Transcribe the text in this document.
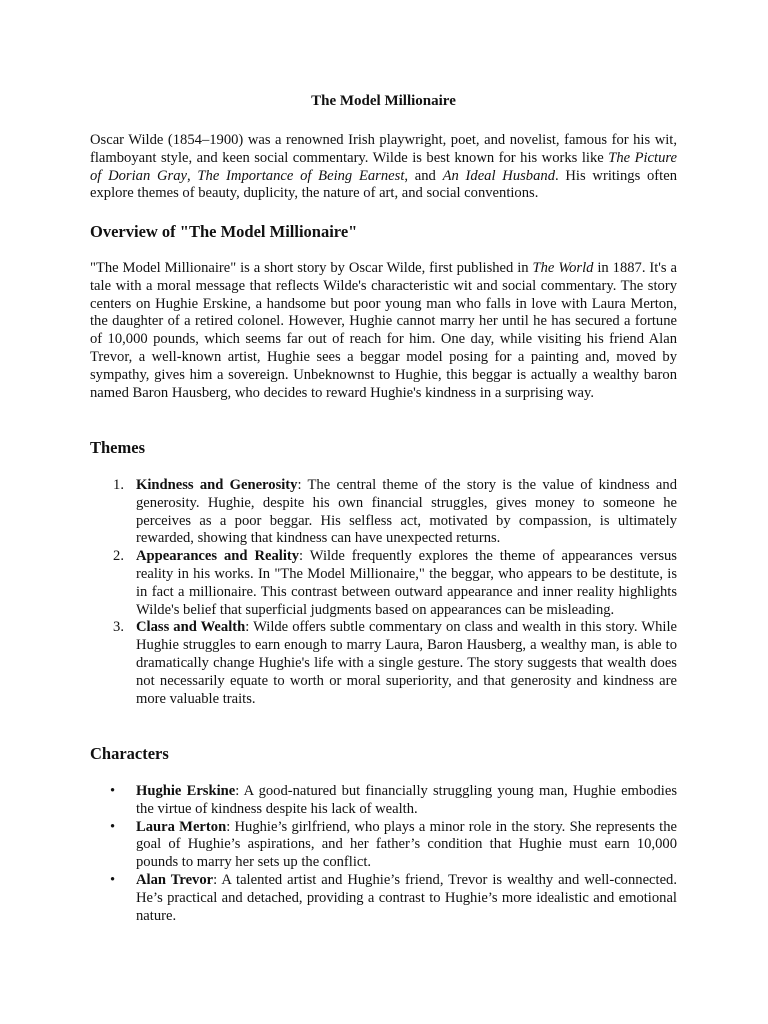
The Model Millionaire

Oscar Wilde (1854–1900) was a renowned Irish playwright, poet, and novelist, famous for his wit, flamboyant style, and keen social commentary. Wilde is best known for his works like The Picture of Dorian Gray, The Importance of Being Earnest, and An Ideal Husband. His writings often explore themes of beauty, duplicity, the nature of art, and social conventions.

Overview of "The Model Millionaire"

"The Model Millionaire" is a short story by Oscar Wilde, first published in The World in 1887. It's a tale with a moral message that reflects Wilde's characteristic wit and social commentary. The story centers on Hughie Erskine, a handsome but poor young man who falls in love with Laura Merton, the daughter of a retired colonel. However, Hughie cannot marry her until he has secured a fortune of 10,000 pounds, which seems far out of reach for him. One day, while visiting his friend Alan Trevor, a well-known artist, Hughie sees a beggar model posing for a painting and, moved by sympathy, gives him a sovereign. Unbeknownst to Hughie, this beggar is actually a wealthy baron named Baron Hausberg, who decides to reward Hughie's kindness in a surprising way.

Themes
1. Kindness and Generosity: The central theme of the story is the value of kindness and generosity. Hughie, despite his own financial struggles, gives money to someone he perceives as a poor beggar. His selfless act, motivated by compassion, is ultimately rewarded, showing that kindness can have unexpected returns.
2. Appearances and Reality: Wilde frequently explores the theme of appearances versus reality in his works. In "The Model Millionaire," the beggar, who appears to be destitute, is in fact a millionaire. This contrast between outward appearance and inner reality highlights Wilde's belief that superficial judgments based on appearances can be misleading.
3. Class and Wealth: Wilde offers subtle commentary on class and wealth in this story. While Hughie struggles to earn enough to marry Laura, Baron Hausberg, a wealthy man, is able to dramatically change Hughie's life with a single gesture. The story suggests that wealth does not necessarily equate to worth or moral superiority, and that generosity and kindness are more valuable traits.
Characters
• Hughie Erskine: A good-natured but financially struggling young man, Hughie embodies the virtue of kindness despite his lack of wealth.
• Laura Merton: Hughie’s girlfriend, who plays a minor role in the story. She represents the goal of Hughie’s aspirations, and her father’s condition that Hughie must earn 10,000 pounds to marry her sets up the conflict.
• Alan Trevor: A talented artist and Hughie’s friend, Trevor is wealthy and well-connected. He’s practical and detached, providing a contrast to Hughie’s more idealistic and emotional nature.
